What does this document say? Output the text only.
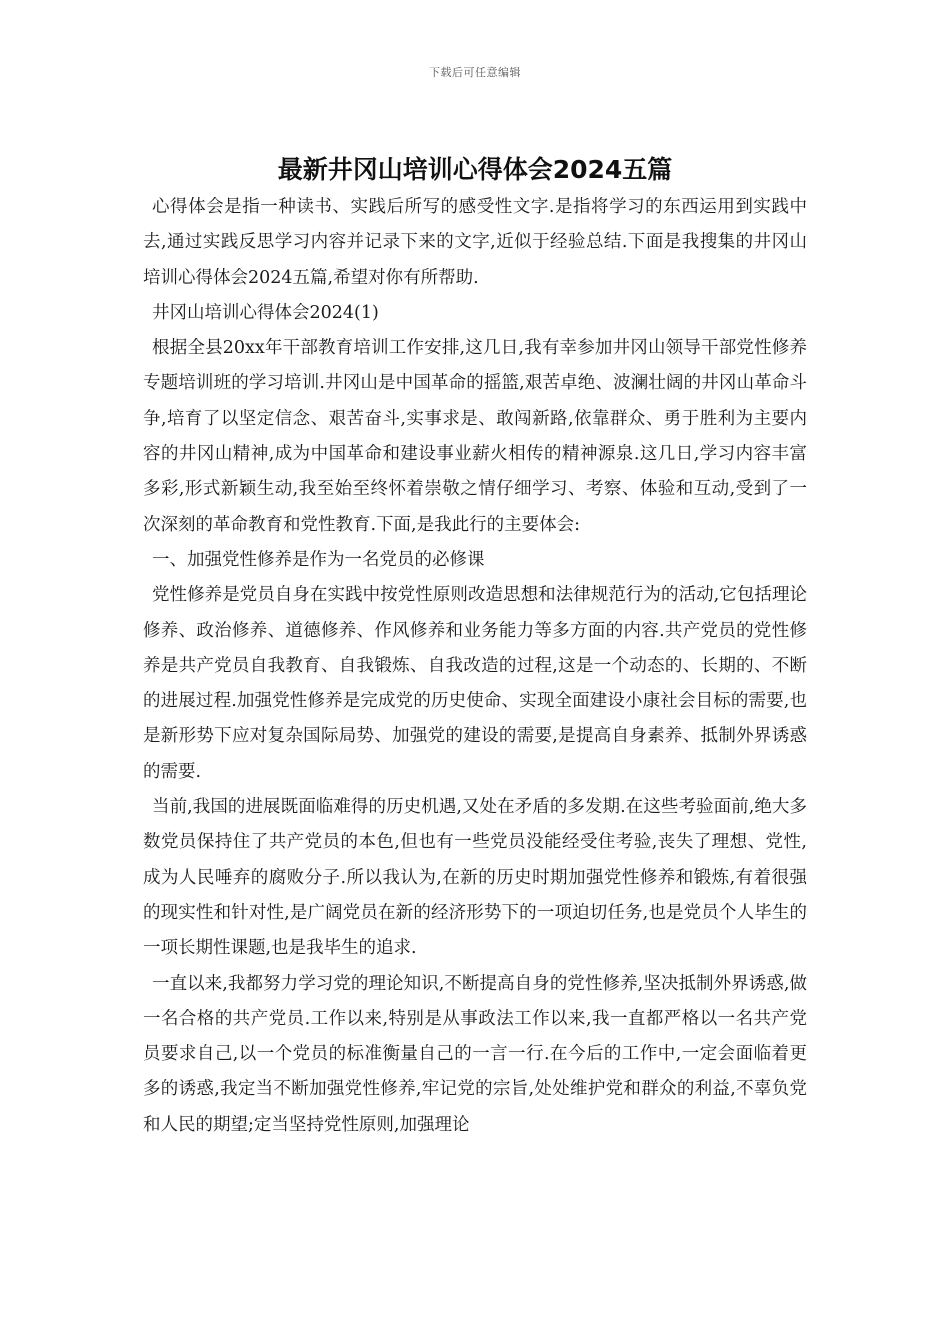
下载后可任意编辑
最新井冈山培训心得体会2024五篇

心得体会是指一种读书、实践后所写的感受性文字.是指将学习的东西运用到实践中去,通过实践反思学习内容并记录下来的文字,近似于经验总结.下面是我搜集的井冈山培训心得体会2024五篇,希望对你有所帮助.

井冈山培训心得体会2024(1)

根据全县20xx年干部教育培训工作安排,这几日,我有幸参加井冈山领导干部党性修养专题培训班的学习培训.井冈山是中国革命的摇篮,艰苦卓绝、波澜壮阔的井冈山革命斗争,培育了以坚定信念、艰苦奋斗,实事求是、敢闯新路,依靠群众、勇于胜利为主要内容的井冈山精神,成为中国革命和建设事业薪火相传的精神源泉.这几日,学习内容丰富多彩,形式新颖生动,我至始至终怀着崇敬之情仔细学习、考察、体验和互动,受到了一次深刻的革命教育和党性教育.下面,是我此行的主要体会:

一、加强党性修养是作为一名党员的必修课

党性修养是党员自身在实践中按党性原则改造思想和法律规范行为的活动,它包括理论修养、政治修养、道德修养、作风修养和业务能力等多方面的内容.共产党员的党性修养是共产党员自我教育、自我锻炼、自我改造的过程,这是一个动态的、长期的、不断的进展过程.加强党性修养是完成党的历史使命、实现全面建设小康社会目标的需要,也是新形势下应对复杂国际局势、加强党的建设的需要,是提高自身素养、抵制外界诱惑的需要.

当前,我国的进展既面临难得的历史机遇,又处在矛盾的多发期.在这些考验面前,绝大多数党员保持住了共产党员的本色,但也有一些党员没能经受住考验,丧失了理想、党性,成为人民唾弃的腐败分子.所以我认为,在新的历史时期加强党性修养和锻炼,有着很强的现实性和针对性,是广阔党员在新的经济形势下的一项迫切任务,也是党员个人毕生的一项长期性课题,也是我毕生的追求.

一直以来,我都努力学习党的理论知识,不断提高自身的党性修养,坚决抵制外界诱惑,做一名合格的共产党员.工作以来,特别是从事政法工作以来,我一直都严格以一名共产党员要求自己,以一个党员的标准衡量自己的一言一行.在今后的工作中,一定会面临着更多的诱惑,我定当不断加强党性修养,牢记党的宗旨,处处维护党和群众的利益,不辜负党和人民的期望;定当坚持党性原则,加强理论
